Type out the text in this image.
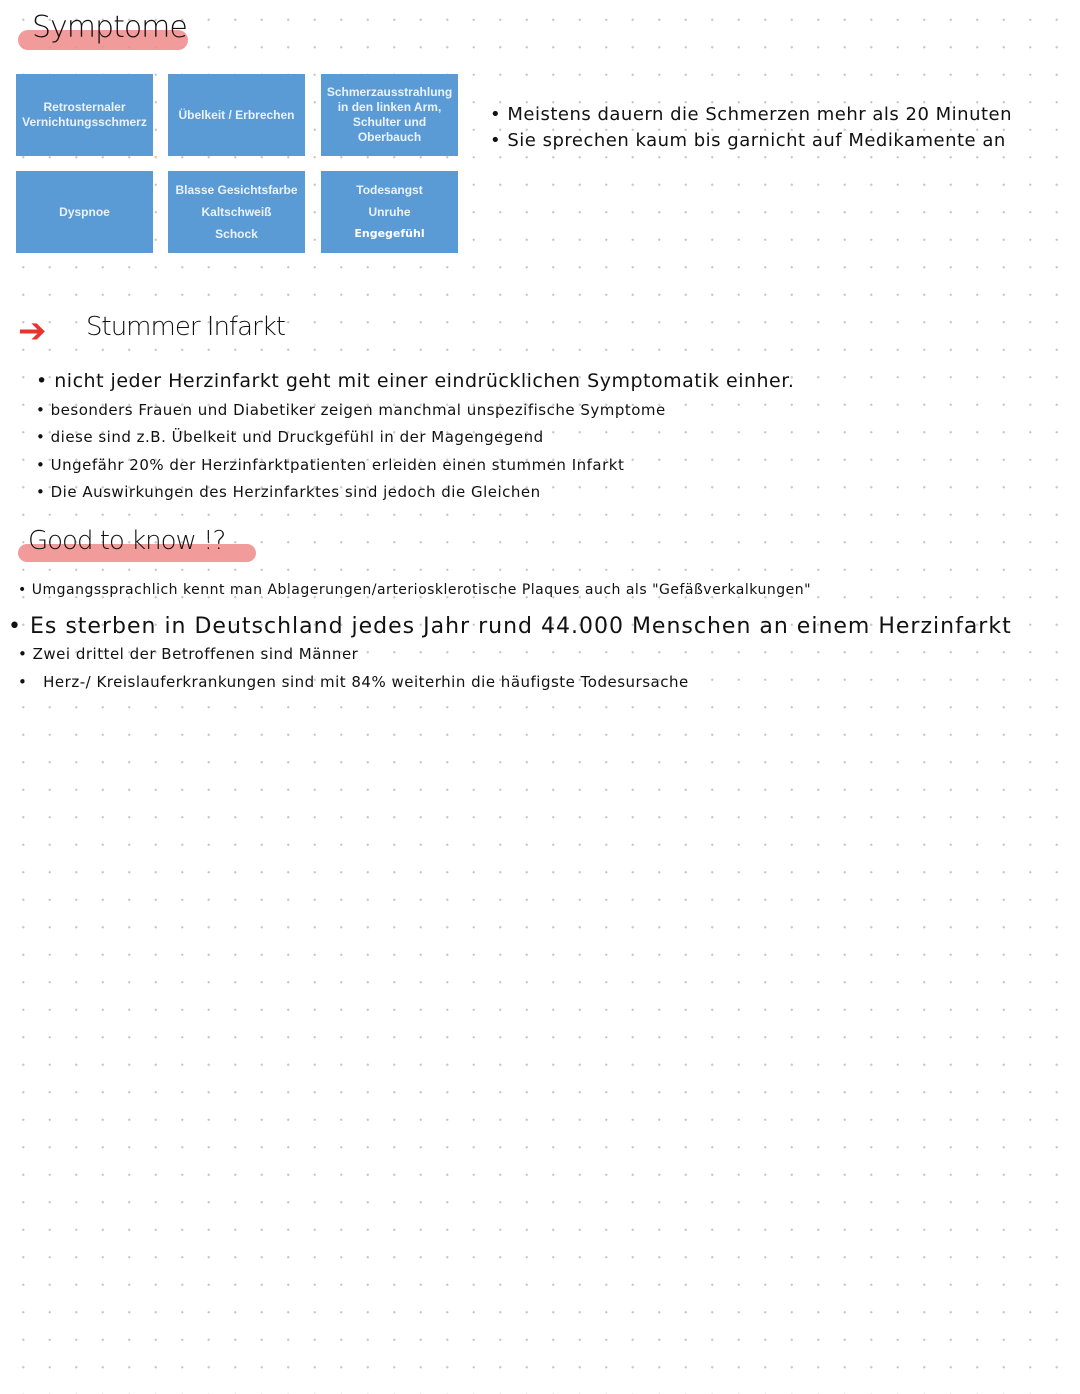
Symptome
Retrosternaler
Vernichtungsschmerz
Übelkeit / Erbrechen
Schmerzausstrahlung
in den linken Arm,
Schulter und
Oberbauch
Dyspnoe
Blasse Gesichtsfarbe
Kaltschweiß
Schock
Todesangst
Unruhe
Engegefühl
• Meistens dauern die Schmerzen mehr als 20 Minuten
• Sie sprechen kaum bis garnicht auf Medikamente an
➔ Stummer Infarkt
• nicht jeder Herzinfarkt geht mit einer eindrücklichen Symptomatik einher.
• besonders Frauen und Diabetiker zeigen manchmal unspezifische Symptome
• diese sind z.B. Übelkeit und Druckgefühl in der Magengegend
• Ungefähr 20% der Herzinfarktpatienten erleiden einen stummen Infarkt
• Die Auswirkungen des Herzinfarktes sind jedoch die Gleichen
Good to know !?
• Umgangssprachlich kennt man Ablagerungen/arteriosklerotische Plaques auch als "Gefäßverkalkungen"
• Es sterben in Deutschland jedes Jahr rund 44.000 Menschen an einem Herzinfarkt
• Zwei drittel der Betroffenen sind Männer
•   Herz-/ Kreislauferkrankungen sind mit 84% weiterhin die häufigste Todesursache
